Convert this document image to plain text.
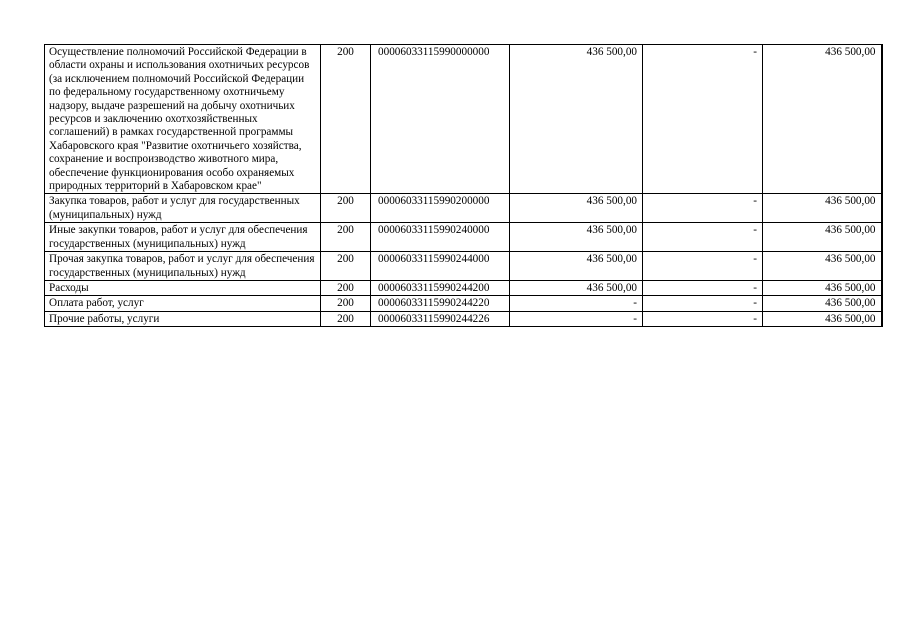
Осуществление полномочий Российской Федерации в области охраны и использования охотничьих ресурсов (за исключением полномочий Российской Федерации по федеральному государственному охотничьему надзору, выдаче разрешений на добычу охотничьих ресурсов и заключению охотхозяйственных соглашений) в рамках государственной программы Хабаровского края "Развитие охотничьего хозяйства, сохранение и воспроизводство животного мира, обеспечение функционирования особо охраняемых природных территорий в Хабаровском крае"	200	00006033115990000000	436 500,00	-	436 500,00
Закупка товаров, работ и услуг для государственных (муниципальных) нужд	200	00006033115990200000	436 500,00	-	436 500,00
Иные закупки товаров, работ и услуг для обеспечения государственных (муниципальных) нужд	200	00006033115990240000	436 500,00	-	436 500,00
Прочая закупка товаров, работ и услуг для обеспечения государственных (муниципальных) нужд	200	00006033115990244000	436 500,00	-	436 500,00
Расходы	200	00006033115990244200	436 500,00	-	436 500,00
Оплата работ, услуг	200	00006033115990244220	-	-	436 500,00
Прочие работы, услуги	200	00006033115990244226	-	-	436 500,00
